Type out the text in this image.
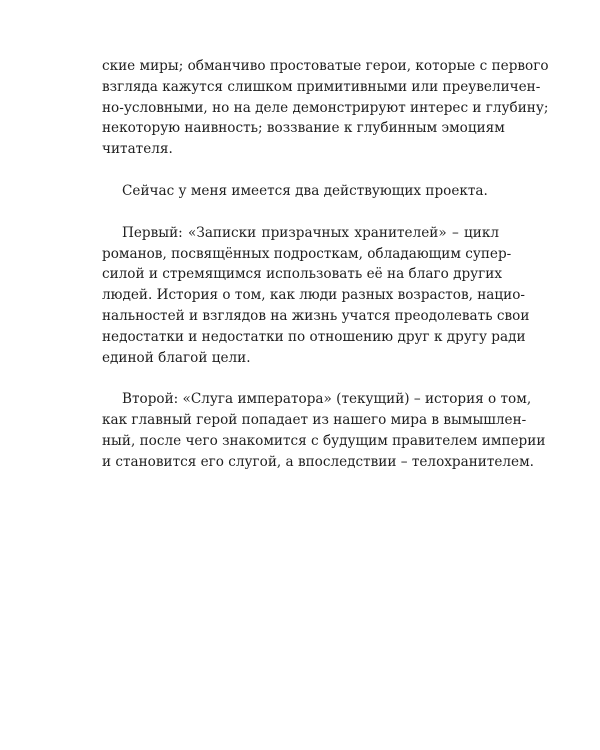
ские миры; обманчиво простоватые герои, которые с первого
взгляда кажутся слишком примитивными или преувеличен-
но-условными, но на деле демонстрируют интерес и глубину;
некоторую наивность; воззвание к глубинным эмоциям
читателя.
Сейчас у меня имеется два действующих проекта.
Первый: «Записки призрачных хранителей» – цикл
романов, посвящённых подросткам, обладающим супер-
силой и стремящимся использовать её на благо других
людей. История о том, как люди разных возрастов, нацио-
нальностей и взглядов на жизнь учатся преодолевать свои
недостатки и недостатки по отношению друг к другу ради
единой благой цели.
Второй: «Слуга императора» (текущий) – история о том,
как главный герой попадает из нашего мира в вымышлен-
ный, после чего знакомится с будущим правителем империи
и становится его слугой, а впоследствии – телохранителем.
